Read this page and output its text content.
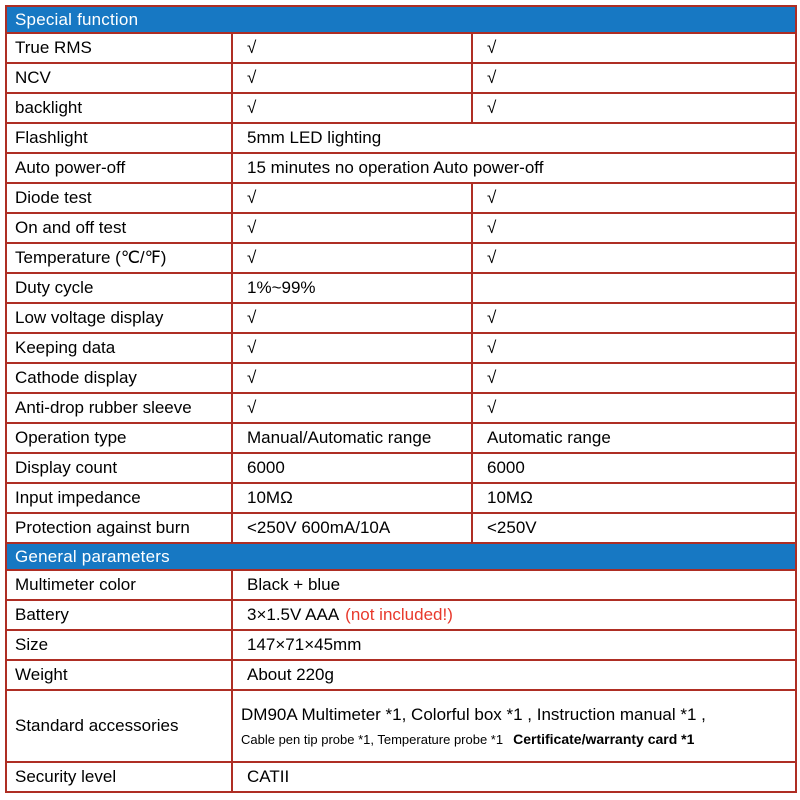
Special function		
True RMS	√	√
NCV	√	√
backlight	√	√
Flashlight	5mm LED lighting	
Auto power-off	15 minutes no operation Auto power-off	
Diode test	√	√
On and off test	√	√
Temperature (℃/℉)	√	√
Duty cycle	1%~99%	
Low voltage display	√	√
Keeping data	√	√
Cathode display	√	√
Anti-drop rubber sleeve	√	√
Operation type	Manual/Automatic range	Automatic range
Display count	6000	6000
Input impedance	10MΩ	10MΩ
Protection against burn	<250V 600mA/10A	<250V
General parameters		
Multimeter color	Black + blue	
Battery	3×1.5V AAA (not included!)	
Size	147×71×45mm	
Weight	About 220g	
Standard accessories	DM90A Multimeter *1, Colorful box *1 , Instruction manual *1 ,
Cable pen tip probe *1, Temperature probe *1 Certificate/warranty card *1	

Security level	CATII	
